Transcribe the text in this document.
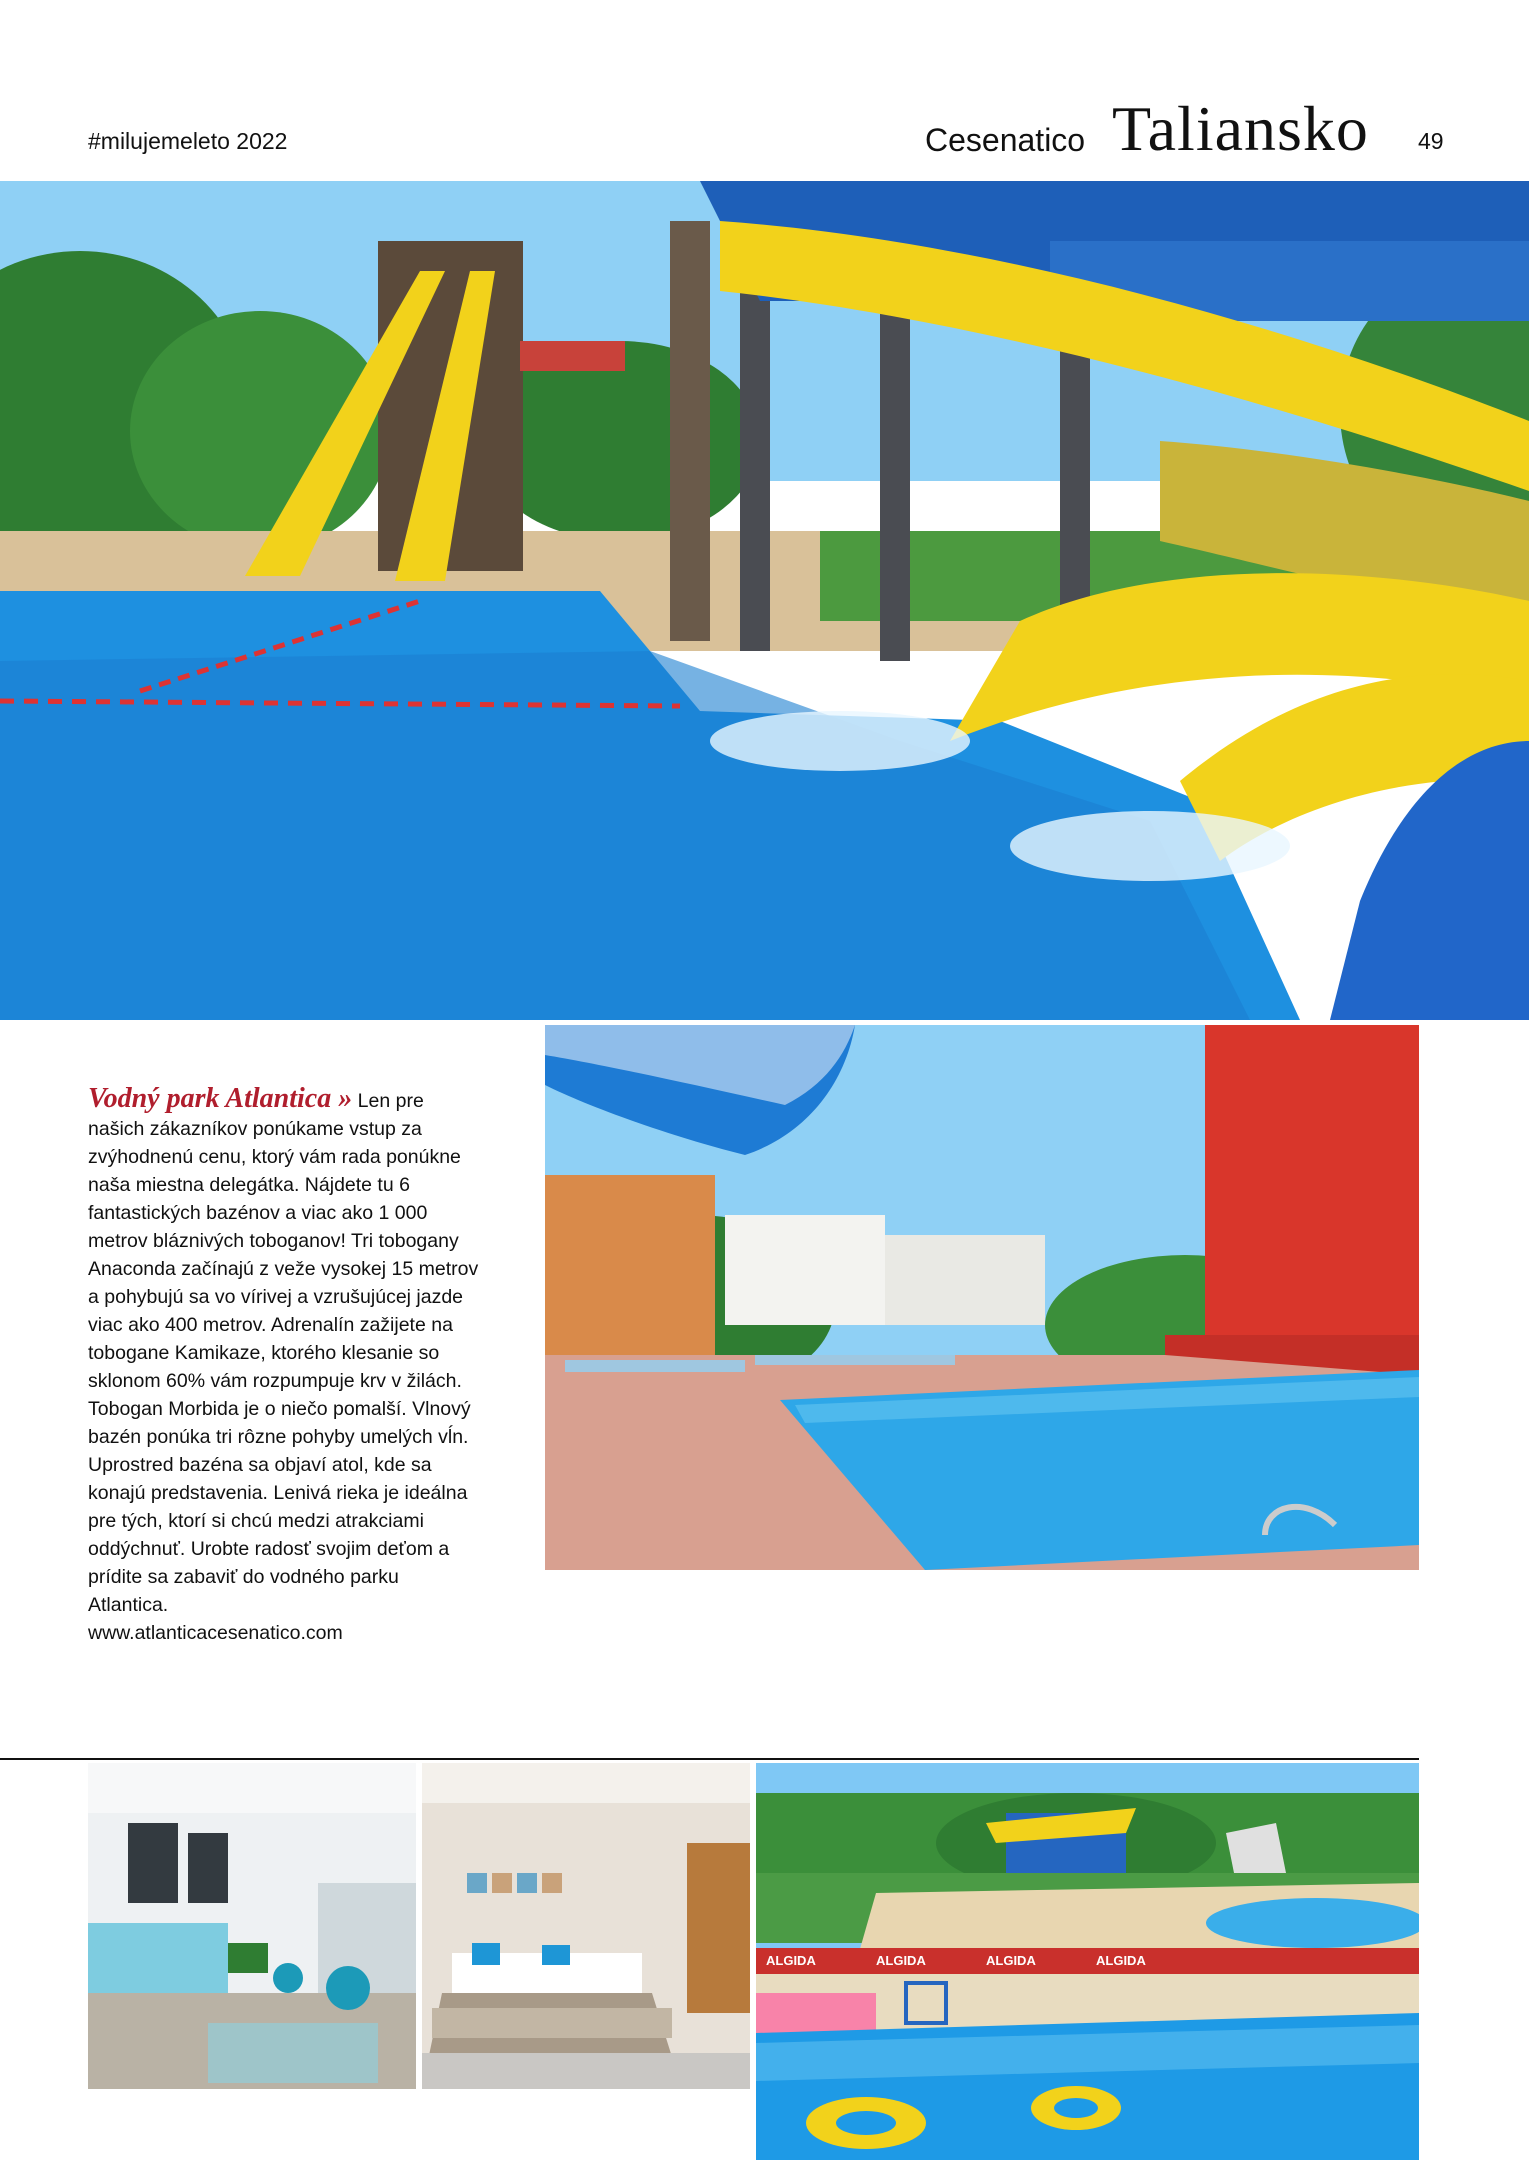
#milujemeleto 2022	Cesenatico Taliansko 49
Vodný park Atlantica » Len pre našich zákazníkov ponúkame vstup za zvýhodnenú cenu, ktorý vám rada ponúkne naša miestna delegátka. Nájdete tu 6 fantastických bazénov a viac ako 1 000 metrov bláznivých toboganov! Tri tobogany Anaconda začínajú z veže vysokej 15 metrov a pohybujú sa vo vírivej a vzrušujúcej jazde viac ako 400 metrov. Adrenalín zažijete na tobogane Kamikaze, ktorého klesanie so sklonom 60% vám rozpumpuje krv v žilách. Tobogan Morbida je o niečo pomalší. Vlnový bazén ponúka tri rôzne pohyby umelých vĺn. Uprostred bazéna sa objaví atol, kde sa konajú predstavenia. Lenivá rieka je ideálna pre tých, ktorí si chcú medzi atrakciami oddýchnuť. Urobte radosť svojim deťom a prídite sa zabaviť do vodného parku Atlantica.
www.atlanticacesenatico.com
ALGIDA	ALGIDA	ALGIDA	ALGIDA
